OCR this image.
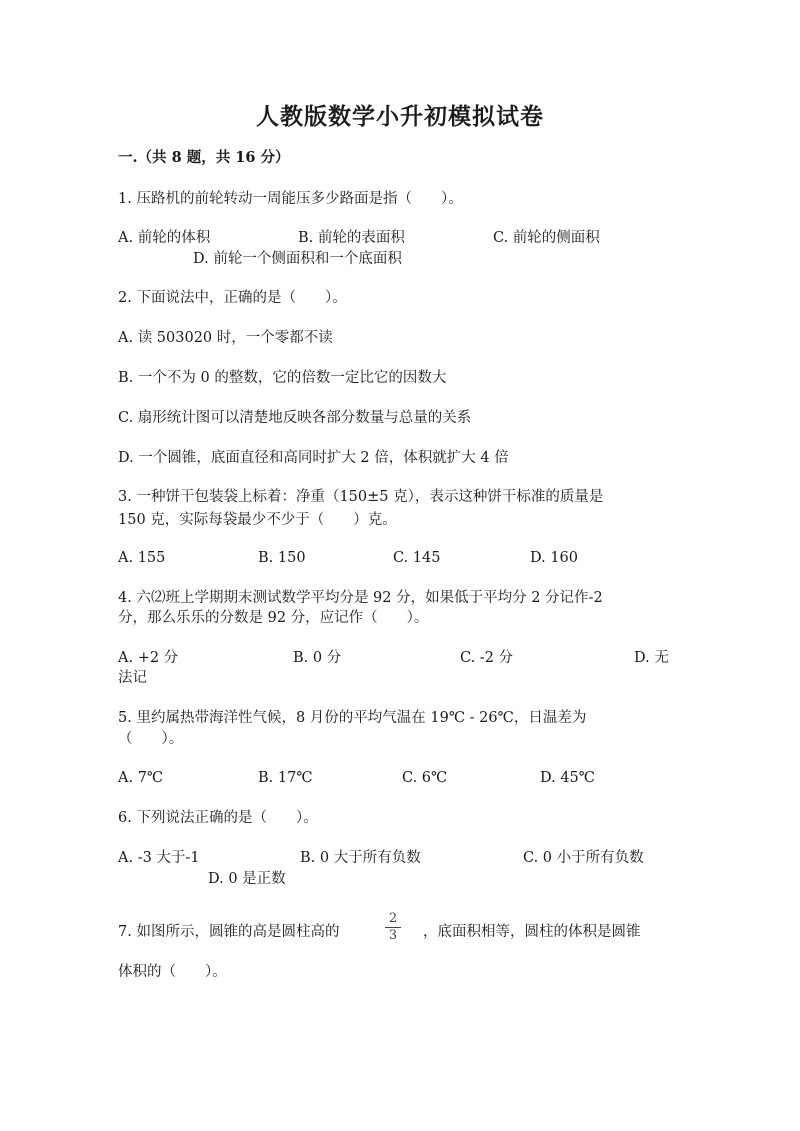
人教版数学小升初模拟试卷
一.（共 8 题，共 16 分）
1. 压路机的前轮转动一周能压多少路面是指（　　）。
A. 前轮的体积	B. 前轮的表面积	C. 前轮的侧面积
D. 前轮一个侧面积和一个底面积
2. 下面说法中，正确的是（　　）。
A. 读 503020 时，一个零都不读
B. 一个不为 0 的整数，它的倍数一定比它的因数大
C. 扇形统计图可以清楚地反映各部分数量与总量的关系
D. 一个圆锥，底面直径和高同时扩大 2 倍，体积就扩大 4 倍
3. 一种饼干包装袋上标着：净重（150±5 克），表示这种饼干标准的质量是
150 克，实际每袋最少不少于（　　）克。
A. 155	B. 150	C. 145	D. 160
4. 六⑵班上学期期末测试数学平均分是 92 分，如果低于平均分 2 分记作-2
分，那么乐乐的分数是 92 分，应记作（　　）。
A. +2 分	B. 0 分	C. -2 分	D. 无
法记
5. 里约属热带海洋性气候，8 月份的平均气温在 19℃ - 26℃，日温差为
（　　）。
A. 7℃	B. 17℃	C. 6℃	D. 45℃
6. 下列说法正确的是（　　）。
A. -3 大于-1	B. 0 大于所有负数	C. 0 小于所有负数
D. 0 是正数
7. 如图所示，圆锥的高是圆柱高的
2
3 ，底面积相等，圆柱的体积是圆锥
体积的（　　）。
